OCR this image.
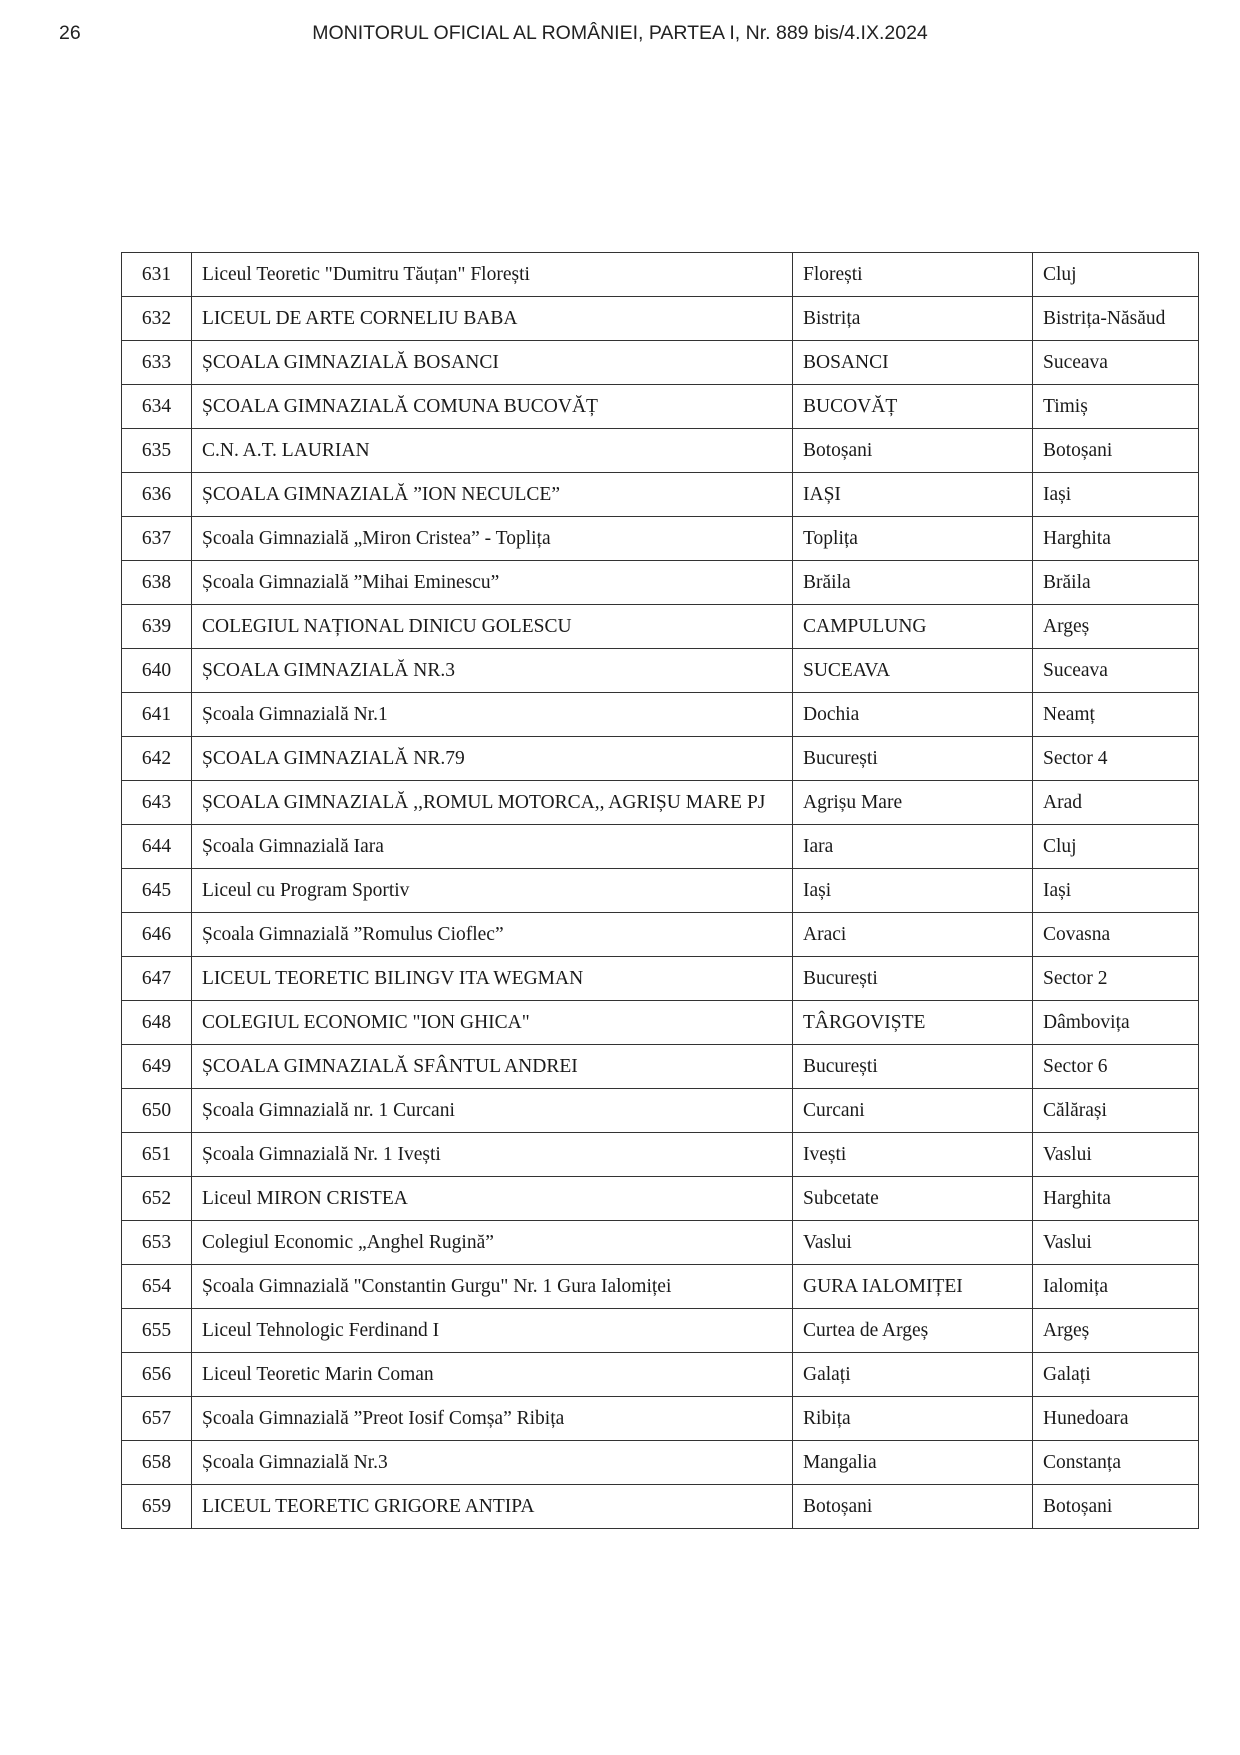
26	MONITORUL OFICIAL AL ROMÂNIEI, PARTEA I, Nr. 889 bis/4.IX.2024
631	Liceul Teoretic "Dumitru Tăuțan" Florești	Florești	Cluj
632	LICEUL DE ARTE CORNELIU BABA	Bistrița	Bistrița-Năsăud
633	ȘCOALA GIMNAZIALĂ BOSANCI	BOSANCI	Suceava
634	ȘCOALA GIMNAZIALĂ COMUNA BUCOVĂȚ	BUCOVĂȚ	Timiș
635	C.N. A.T. LAURIAN	Botoșani	Botoșani
636	ȘCOALA GIMNAZIALĂ ”ION NECULCE”	IAȘI	Iași
637	Școala Gimnazială „Miron Cristea” - Toplița	Toplița	Harghita
638	Școala Gimnazială ”Mihai Eminescu”	Brăila	Brăila
639	COLEGIUL NAȚIONAL DINICU GOLESCU	CAMPULUNG	Argeș
640	ȘCOALA GIMNAZIALĂ NR.3	SUCEAVA	Suceava
641	Școala Gimnazială Nr.1	Dochia	Neamț
642	ȘCOALA GIMNAZIALĂ NR.79	București	Sector 4
643	ȘCOALA GIMNAZIALĂ ,,ROMUL MOTORCA,, AGRIȘU MARE PJ	Agrișu Mare	Arad
644	Școala Gimnazială Iara	Iara	Cluj
645	Liceul cu Program Sportiv	Iași	Iași
646	Școala Gimnazială ”Romulus Cioflec”	Araci	Covasna
647	LICEUL TEORETIC BILINGV ITA WEGMAN	București	Sector 2
648	COLEGIUL ECONOMIC "ION GHICA"	TÂRGOVIȘTE	Dâmbovița
649	ȘCOALA GIMNAZIALĂ SFÂNTUL ANDREI	București	Sector 6
650	Școala Gimnazială nr. 1 Curcani	Curcani	Călărași
651	Școala Gimnazială Nr. 1 Ivești	Ivești	Vaslui
652	Liceul MIRON CRISTEA	Subcetate	Harghita
653	Colegiul Economic „Anghel Rugină”	Vaslui	Vaslui
654	Școala Gimnazială "Constantin Gurgu" Nr. 1 Gura Ialomiței	GURA IALOMIȚEI	Ialomița
655	Liceul Tehnologic Ferdinand I	Curtea de Argeș	Argeș
656	Liceul Teoretic Marin Coman	Galați	Galați
657	Școala Gimnazială ”Preot Iosif Comșa” Ribița	Ribița	Hunedoara
658	Școala Gimnazială Nr.3	Mangalia	Constanța
659	LICEUL TEORETIC GRIGORE ANTIPA	Botoșani	Botoșani
